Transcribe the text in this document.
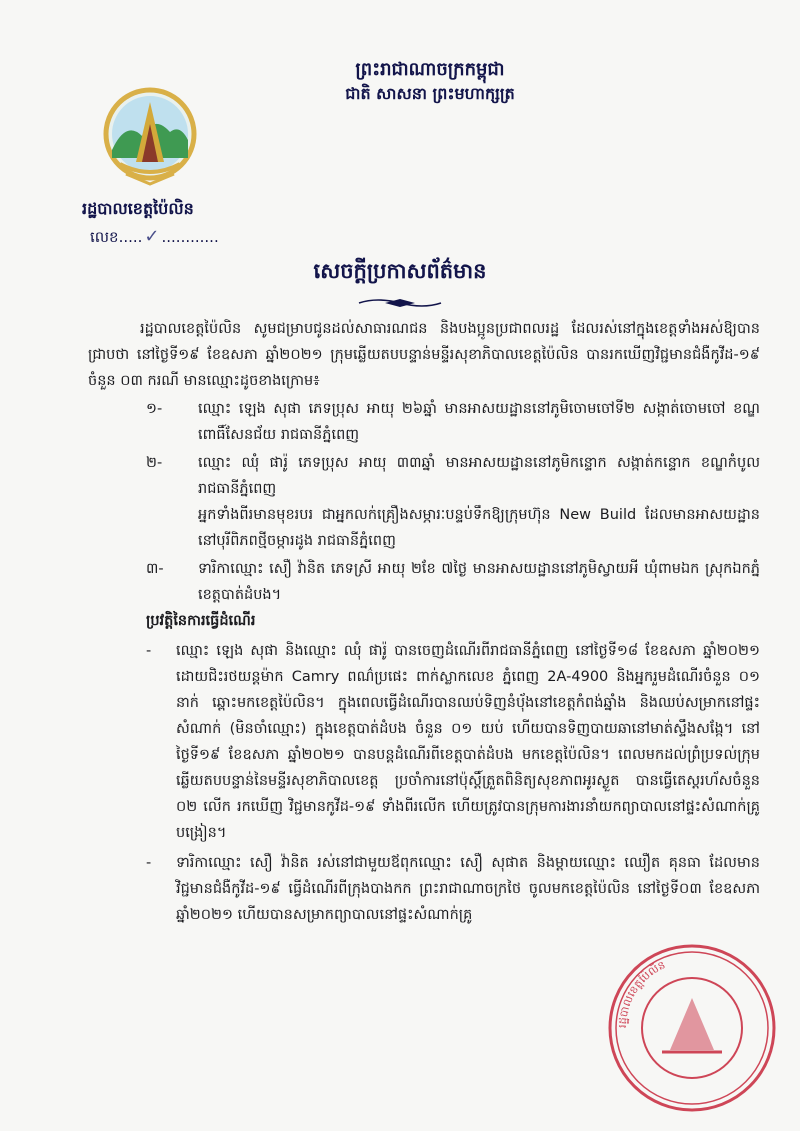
ព្រះរាជាណាចក្រកម្ពុជា
ជាតិ សាសនា ព្រះមហាក្សត្រ
រដ្ឋបាលខេត្តប៉ៃលិន
លេខ..... ✓ ............
សេចក្តីប្រកាសព័ត៌មាន

រដ្ឋបាលខេត្តប៉ៃលិន សូមជម្រាបជូនដល់សាធារណជន និងបងប្អូនប្រជាពលរដ្ឋ ដែលរស់នៅក្នុងខេត្តទាំងអស់ឱ្យបានជ្រាបថា នៅថ្ងៃទី១៩ ខែឧសភា ឆ្នាំ២០២១ ក្រុមឆ្លើយតបបន្ទាន់មន្ទីរសុខាភិបាលខេត្តប៉ៃលិន បានរកឃើញវិជ្ជមានជំងឺកូវីដ-១៩ ចំនួន ០៣ ករណី មានឈ្មោះដូចខាងក្រោម៖

១-	ឈ្មោះ ឡេង សុផា ភេទប្រុស អាយុ ២៦ឆ្នាំ មានអាសយដ្ឋាននៅភូមិចោមចៅទី២ សង្កាត់ចោមចៅ ខណ្ឌពោធិ៍សែនជ័យ រាជធានីភ្នំពេញ
២-	ឈ្មោះ ឈុំ ផារ៉ូ ភេទប្រុស អាយុ ៣៣ឆ្នាំ មានអាសយដ្ឋាននៅភូមិកន្ទោក សង្កាត់កន្ទោក ខណ្ឌកំបូល រាជធានីភ្នំពេញ

អ្នកទាំងពីរមានមុខរបរ ជាអ្នកលក់គ្រឿងសម្ភារៈបន្ទប់ទឹកឱ្យក្រុមហ៊ុន New Build ដែលមានអាសយដ្ឋាននៅបុរីពិភពថ្មីចម្ការដូង រាជធានីភ្នំពេញ

៣-	ទារិកាឈ្មោះ សឿ វ៉ានិត ភេទស្រី អាយុ ២ខែ ៧ថ្ងៃ មានអាសយដ្ឋាននៅភូមិស្វាយអី ឃុំពាមឯក ស្រុកឯកភ្នំ ខេត្តបាត់ដំបង។

ប្រវត្តិនៃការធ្វើដំណើរ

-	ឈ្មោះ ឡេង សុផា និងឈ្មោះ ឈុំ ផារ៉ូ បានចេញដំណើរពីរាជធានីភ្នំពេញ នៅថ្ងៃទី១៨ ខែឧសភា ឆ្នាំ២០២១ ដោយជិះរថយន្តម៉ាក Camry ពណ៌ប្រផេះ ពាក់ស្លាកលេខ ភ្នំពេញ 2A-4900 និងអ្នករួមដំណើរចំនួន ០១ នាក់ ឆ្ពោះមកខេត្តប៉ៃលិន។ ក្នុងពេលធ្វើដំណើរបានឈប់ទិញនំបុ័ងនៅខេត្តកំពង់ឆ្នាំង និងឈប់សម្រាកនៅផ្ទះសំណាក់ (មិនចាំឈ្មោះ) ក្នុងខេត្តបាត់ដំបង ចំនួន ០១ យប់ ហើយបានទិញបាយឆានៅមាត់ស្ទឹងសង្កែ។ នៅថ្ងៃទី១៩ ខែឧសភា ឆ្នាំ២០២១ បានបន្តដំណើរពីខេត្តបាត់ដំបង មកខេត្តប៉ៃលិន។ ពេលមកដល់ព្រំប្រទល់ក្រុមឆ្លើយតបបន្ទាន់នៃមន្ទីរសុខាភិបាលខេត្ត ប្រចាំការនៅប៉ុស្តិ៍ត្រួតពិនិត្យសុខភាពអូរស្ងួត បានធ្វើតេស្តរហ័សចំនួន ០២ លើក រកឃើញ វិជ្ជមានកូវីដ-១៩ ទាំងពីរលើក ហើយត្រូវបានក្រុមការងារនាំយកព្យាបាលនៅផ្ទះសំណាក់គ្រូបង្រៀន។
-	ទារិកាឈ្មោះ សឿ វ៉ានិត រស់នៅជាមួយឪពុកឈ្មោះ សឿ សុផាត និងម្តាយឈ្មោះ ឈឿត គុនធា ដែលមានវិជ្ជមានជំងឺកូវីដ-១៩ ធ្វើដំណើរពីក្រុងបាងកក ព្រះរាជាណាចក្រថៃ ចូលមកខេត្តប៉ៃលិន នៅថ្ងៃទី០៣ ខែឧសភា ឆ្នាំ២០២១ ហើយបានសម្រាកព្យាបាលនៅផ្ទះសំណាក់គ្រូ
រដ្ឋបាលខេត្តប៉ៃលិន
